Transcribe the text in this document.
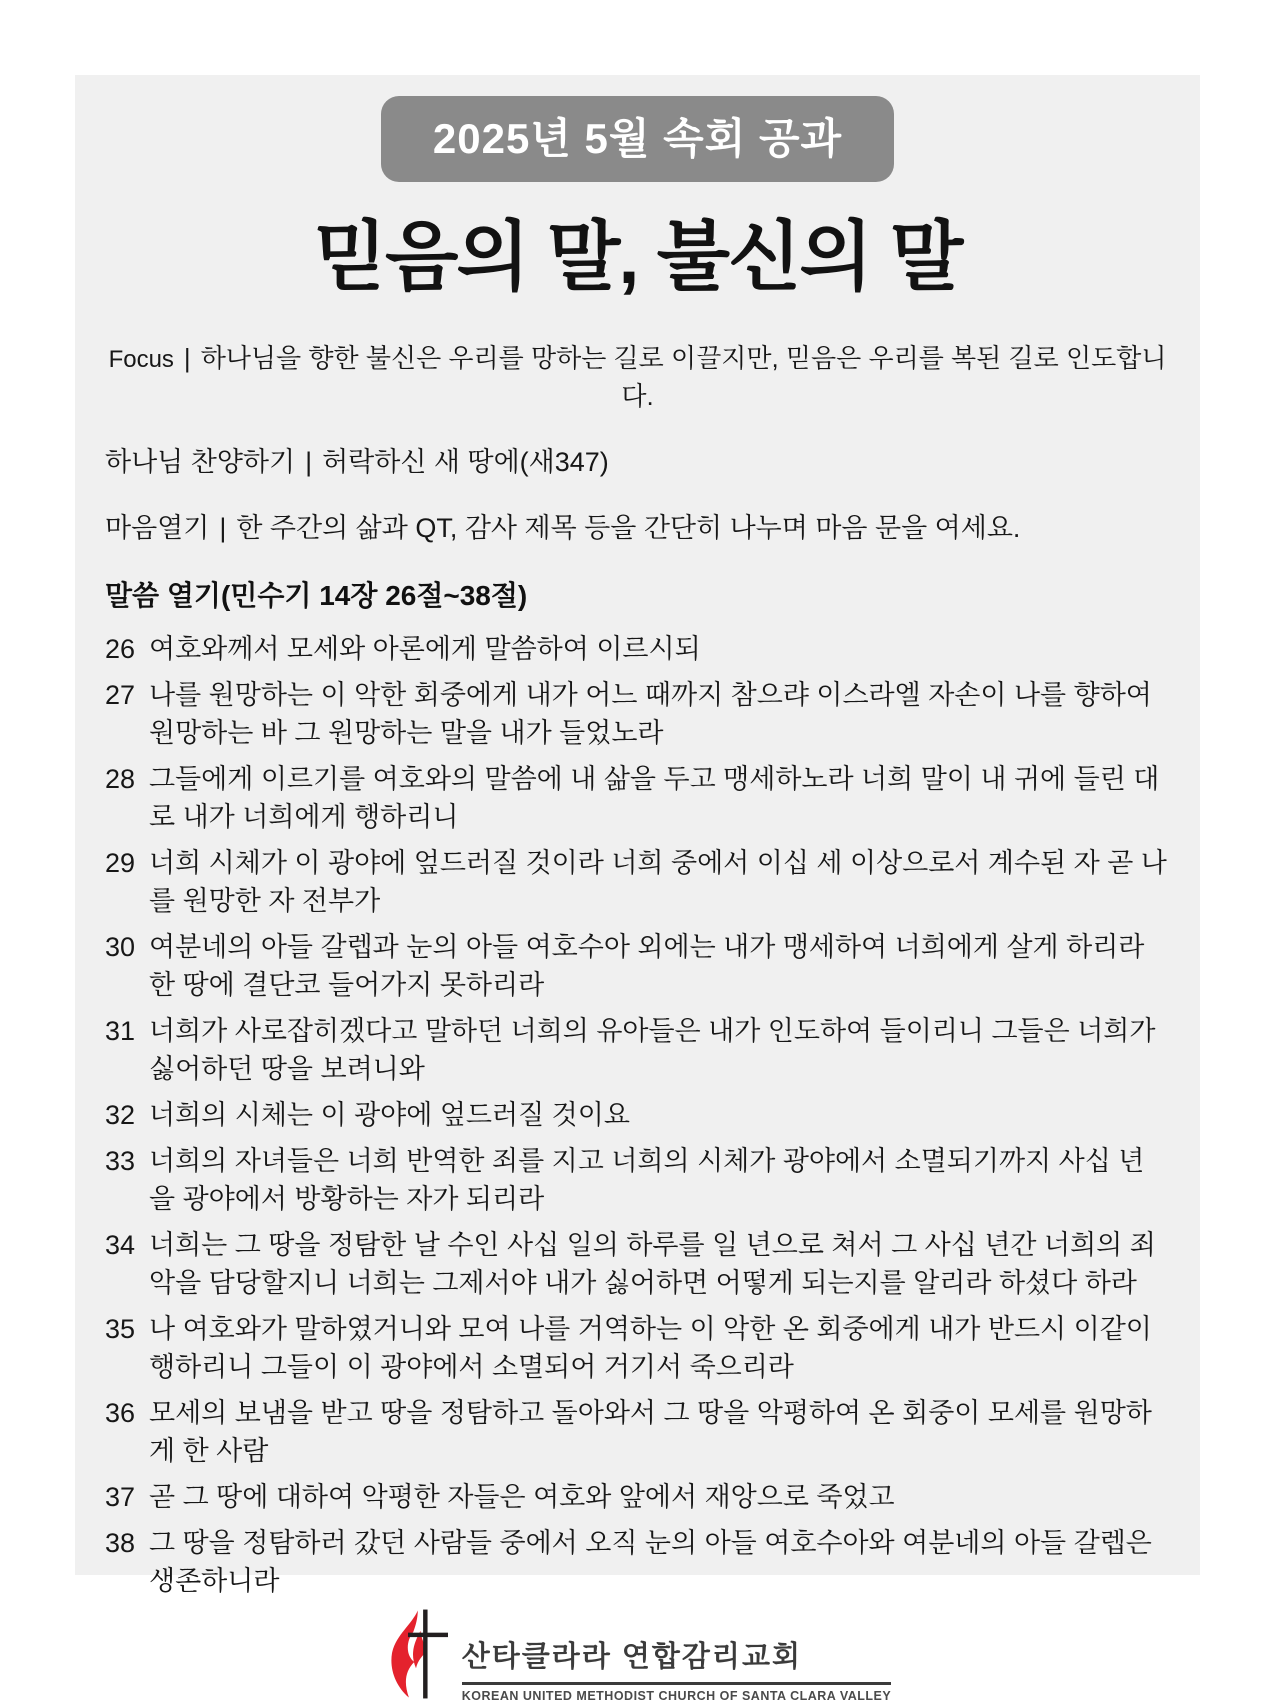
2025년 5월 속회 공과
믿음의 말, 불신의 말

Focus | 하나님을 향한 불신은 우리를 망하는 길로 이끌지만, 믿음은 우리를 복된 길로 인도합니다.

하나님 찬양하기 | 허락하신 새 땅에(새347)

마음열기 | 한 주간의 삶과 QT, 감사 제목 등을 간단히 나누며 마음 문을 여세요.

말씀 열기(민수기 14장 26절~38절)
26 여호와께서 모세와 아론에게 말씀하여 이르시되
27 나를 원망하는 이 악한 회중에게 내가 어느 때까지 참으랴 이스라엘 자손이 나를 향하여 원망하는 바 그 원망하는 말을 내가 들었노라
28 그들에게 이르기를 여호와의 말씀에 내 삶을 두고 맹세하노라 너희 말이 내 귀에 들린 대로 내가 너희에게 행하리니
29 너희 시체가 이 광야에 엎드러질 것이라 너희 중에서 이십 세 이상으로서 계수된 자 곧 나를 원망한 자 전부가
30 여분네의 아들 갈렙과 눈의 아들 여호수아 외에는 내가 맹세하여 너희에게 살게 하리라 한 땅에 결단코 들어가지 못하리라
31 너희가 사로잡히겠다고 말하던 너희의 유아들은 내가 인도하여 들이리니 그들은 너희가 싫어하던 땅을 보려니와
32 너희의 시체는 이 광야에 엎드러질 것이요
33 너희의 자녀들은 너희 반역한 죄를 지고 너희의 시체가 광야에서 소멸되기까지 사십 년을 광야에서 방황하는 자가 되리라
34 너희는 그 땅을 정탐한 날 수인 사십 일의 하루를 일 년으로 쳐서 그 사십 년간 너희의 죄악을 담당할지니 너희는 그제서야 내가 싫어하면 어떻게 되는지를 알리라 하셨다 하라
35 나 여호와가 말하였거니와 모여 나를 거역하는 이 악한 온 회중에게 내가 반드시 이같이 행하리니 그들이 이 광야에서 소멸되어 거기서 죽으리라
36 모세의 보냄을 받고 땅을 정탐하고 돌아와서 그 땅을 악평하여 온 회중이 모세를 원망하게 한 사람
37 곧 그 땅에 대하여 악평한 자들은 여호와 앞에서 재앙으로 죽었고
38 그 땅을 정탐하러 갔던 사람들 중에서 오직 눈의 아들 여호수아와 여분네의 아들 갈렙은 생존하니라
산타클라라 연합감리교회
KOREAN UNITED METHODIST CHURCH OF SANTA CLARA VALLEY
